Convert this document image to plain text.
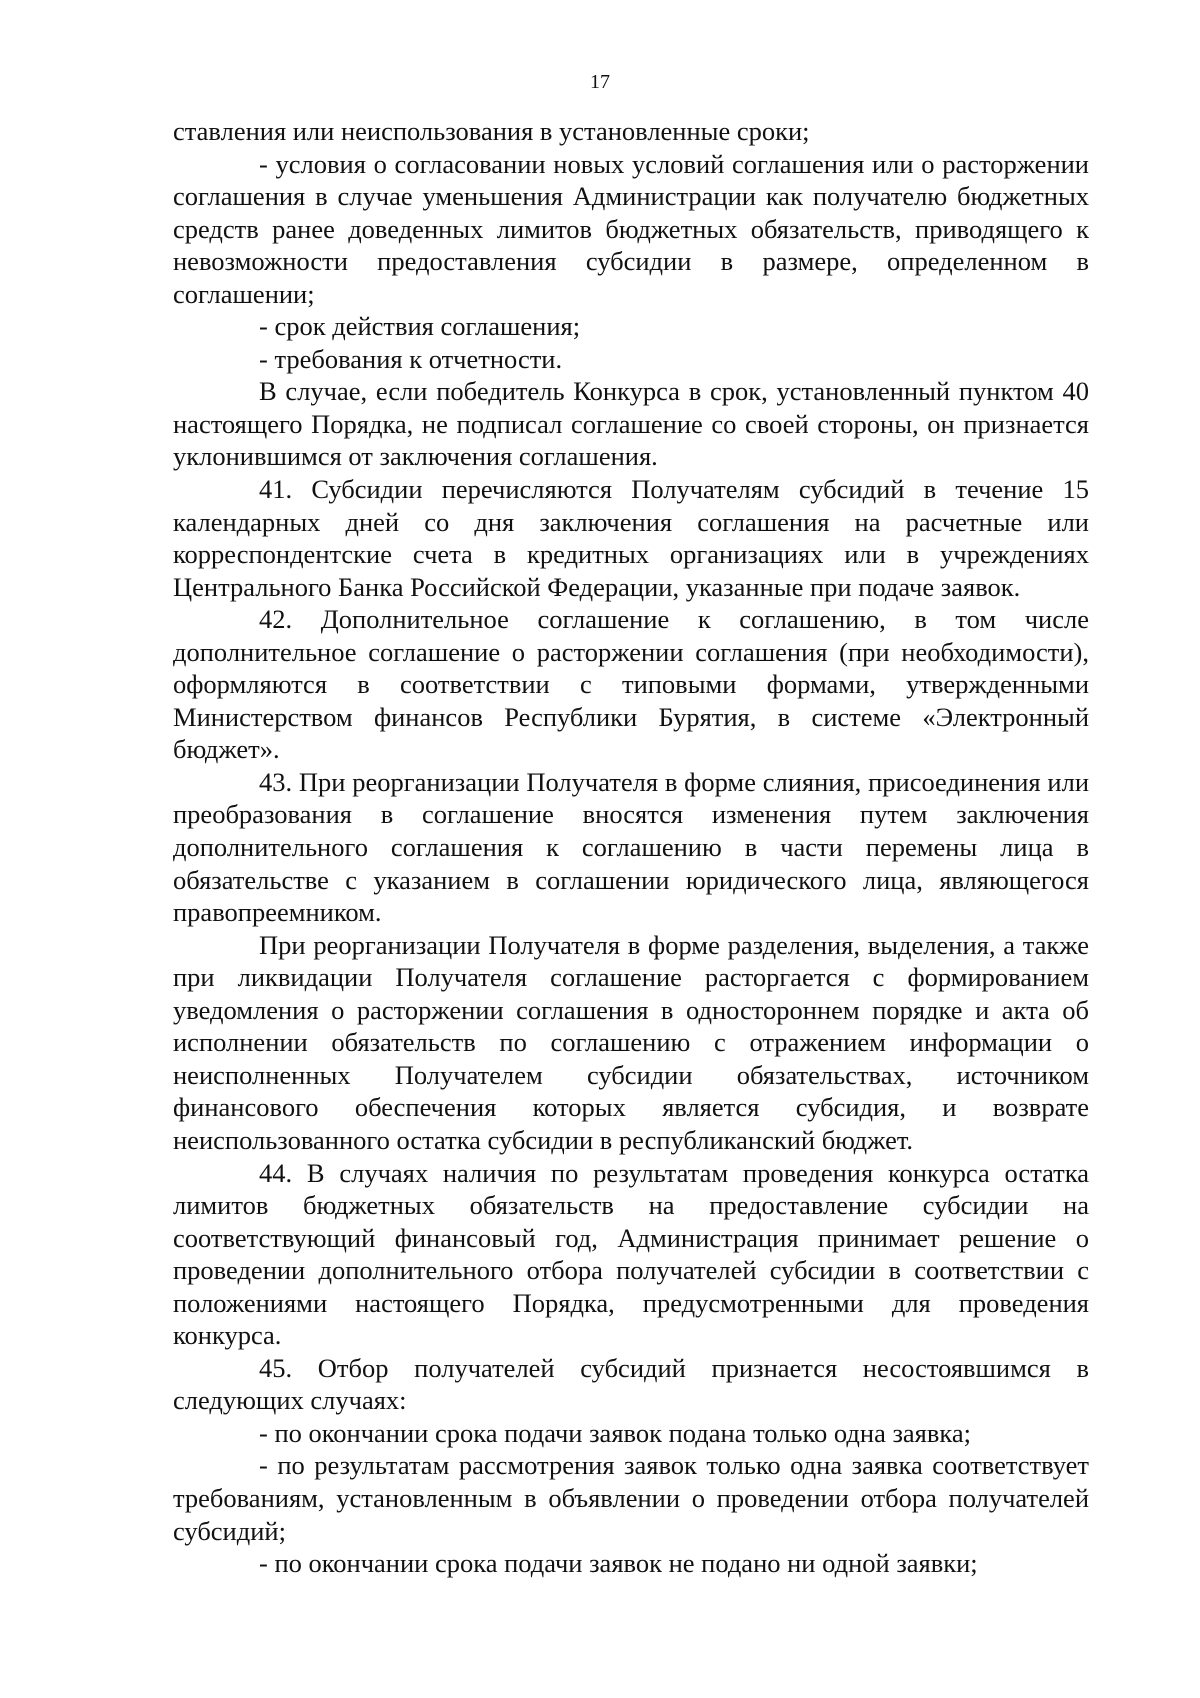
17

ставления или неиспользования в установленные сроки;

- условия о согласовании новых условий соглашения или о расторжении соглашения в случае уменьшения Администрации как получателю бюджетных средств ранее доведенных лимитов бюджетных обязательств, приводящего к невозможности предоставления субсидии в размере, определенном в соглашении;

- срок действия соглашения;

- требования к отчетности.

В случае, если победитель Конкурса в срок, установленный пунктом 40 настоящего Порядка, не подписал соглашение со своей стороны, он признается уклонившимся от заключения соглашения.

41. Субсидии перечисляются Получателям субсидий в течение 15 календарных дней со дня заключения соглашения на расчетные или корреспондентские счета в кредитных организациях или в учреждениях Центрального Банка Российской Федерации, указанные при подаче заявок.

42. Дополнительное соглашение к соглашению, в том числе дополнительное соглашение о расторжении соглашения (при необходимости), оформляются в соответствии с типовыми формами, утвержденными Министерством финансов Республики Бурятия, в системе «Электронный бюджет».

43. При реорганизации Получателя в форме слияния, присоединения или преобразования в соглашение вносятся изменения путем заключения дополнительного соглашения к соглашению в части перемены лица в обязательстве с указанием в соглашении юридического лица, являющегося правопреемником.

При реорганизации Получателя в форме разделения, выделения, а также при ликвидации Получателя соглашение расторгается с формированием уведомления о расторжении соглашения в одностороннем порядке и акта об исполнении обязательств по соглашению с отражением информации о неисполненных Получателем субсидии обязательствах, источником финансового обеспечения которых является субсидия, и возврате неиспользованного остатка субсидии в республиканский бюджет.

44. В случаях наличия по результатам проведения конкурса остатка лимитов бюджетных обязательств на предоставление субсидии на соответствующий финансовый год, Администрация принимает решение о проведении дополнительного отбора получателей субсидии в соответствии с положениями настоящего Порядка, предусмотренными для проведения конкурса.

45. Отбор получателей субсидий признается несостоявшимся в следующих случаях:

- по окончании срока подачи заявок подана только одна заявка;

- по результатам рассмотрения заявок только одна заявка соответствует требованиям, установленным в объявлении о проведении отбора получателей субсидий;

- по окончании срока подачи заявок не подано ни одной заявки;
